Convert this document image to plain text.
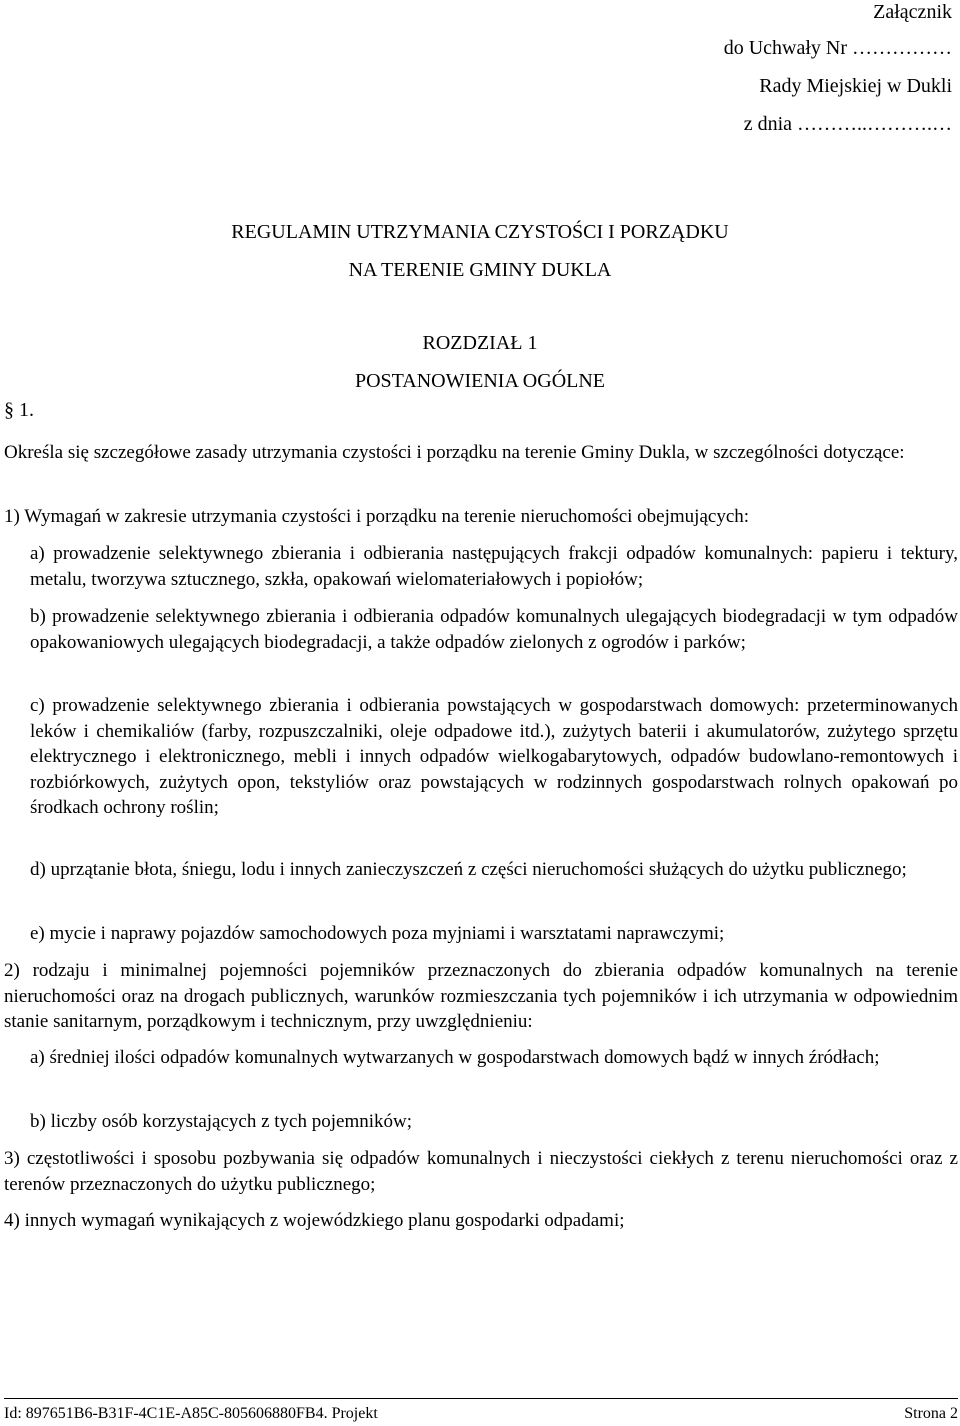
Załącznik
do Uchwały Nr ……………
Rady Miejskiej w Dukli
z dnia ………..……….…
REGULAMIN UTRZYMANIA CZYSTOŚCI I PORZĄDKU
NA TERENIE GMINY DUKLA
ROZDZIAŁ 1
POSTANOWIENIA OGÓLNE
§ 1.
Określa się szczegółowe zasady utrzymania czystości i porządku na terenie Gminy Dukla, w szczególności dotyczące:
1) Wymagań w zakresie utrzymania czystości i porządku na terenie nieruchomości obejmujących:
a) prowadzenie selektywnego zbierania i odbierania następujących frakcji odpadów komunalnych: papieru i tektury, metalu, tworzywa sztucznego, szkła, opakowań wielomateriałowych i popiołów;
b) prowadzenie selektywnego zbierania i odbierania odpadów komunalnych ulegających biodegradacji w tym odpadów opakowaniowych ulegających biodegradacji, a także odpadów zielonych z ogrodów i parków;
c) prowadzenie selektywnego zbierania i odbierania powstających w gospodarstwach domowych: przeterminowanych leków i chemikaliów (farby, rozpuszczalniki, oleje odpadowe itd.), zużytych baterii i akumulatorów, zużytego sprzętu elektrycznego i elektronicznego, mebli i innych odpadów wielkogabarytowych, odpadów budowlano-remontowych i rozbiórkowych, zużytych opon, tekstyliów oraz powstających w rodzinnych gospodarstwach rolnych opakowań po środkach ochrony roślin;
d) uprzątanie błota, śniegu, lodu i innych zanieczyszczeń z części nieruchomości służących do użytku publicznego;
e) mycie i naprawy pojazdów samochodowych poza myjniami i warsztatami naprawczymi;
2) rodzaju i minimalnej pojemności pojemników przeznaczonych do zbierania odpadów komunalnych na terenie nieruchomości oraz na drogach publicznych, warunków rozmieszczania tych pojemników i ich utrzymania w odpowiednim stanie sanitarnym, porządkowym i technicznym, przy uwzględnieniu:
a) średniej ilości odpadów komunalnych wytwarzanych w gospodarstwach domowych bądź w innych źródłach;
b) liczby osób korzystających z tych pojemników;
3) częstotliwości i sposobu pozbywania się odpadów komunalnych i nieczystości ciekłych z terenu nieruchomości oraz z terenów przeznaczonych do użytku publicznego;
4) innych wymagań wynikających z wojewódzkiego planu gospodarki odpadami;
Id: 897651B6-B31F-4C1E-A85C-805606880FB4. Projekt	Strona 2
